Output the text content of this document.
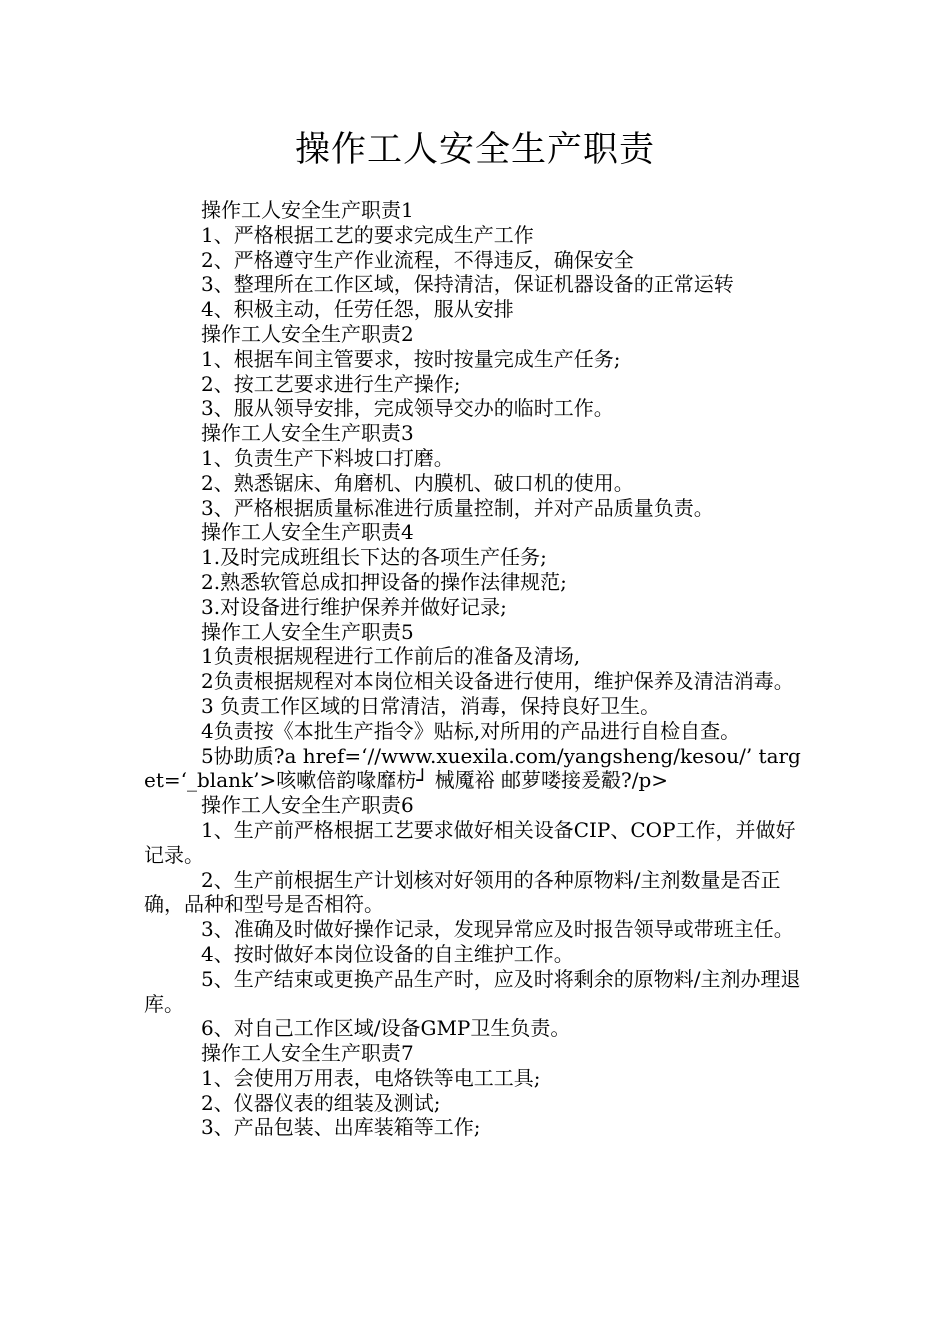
操作工人安全生产职责

操作工人安全生产职责1

1、严格根据工艺的要求完成生产工作

2、严格遵守生产作业流程，不得违反，确保安全

3、整理所在工作区域，保持清洁，保证机器设备的正常运转

4、积极主动，任劳任怨，服从安排

操作工人安全生产职责2

1、根据车间主管要求，按时按量完成生产任务;

2、按工艺要求进行生产操作;

3、服从领导安排，完成领导交办的临时工作。

操作工人安全生产职责3

1、负责生产下料坡口打磨。

2、熟悉锯床、角磨机、内膜机、破口机的使用。

3、严格根据质量标准进行质量控制，并对产品质量负责。

操作工人安全生产职责4

1.及时完成班组长下达的各项生产任务;

2.熟悉软管总成扣押设备的操作法律规范;

3.对设备进行维护保养并做好记录;

操作工人安全生产职责5

1负责根据规程进行工作前后的准备及清场,

2负责根据规程对本岗位相关设备进行使用，维护保养及清洁消毒。

3 负责工作区域的日常清洁，消毒，保持良好卫生。

4负责按《本批生产指令》贴标,对所用的产品进行自检自查。

5协助质?a href=‘//www.xuexila.com/yangsheng/kesou/’ target=‘_blank’>咳嗽倍韵喙靡枋┘ 械魇裕 邮萝喽接爰觳?/p>

操作工人安全生产职责6

1、生产前严格根据工艺要求做好相关设备CIP、COP工作，并做好记录。

2、生产前根据生产计划核对好领用的各种原物料/主剂数量是否正确，品种和型号是否相符。

3、准确及时做好操作记录，发现异常应及时报告领导或带班主任。

4、按时做好本岗位设备的自主维护工作。

5、生产结束或更换产品生产时，应及时将剩余的原物料/主剂办理退库。

6、对自己工作区域/设备GMP卫生负责。

操作工人安全生产职责7

1、会使用万用表，电烙铁等电工工具;

2、仪器仪表的组装及测试;

3、产品包装、出库装箱等工作;
